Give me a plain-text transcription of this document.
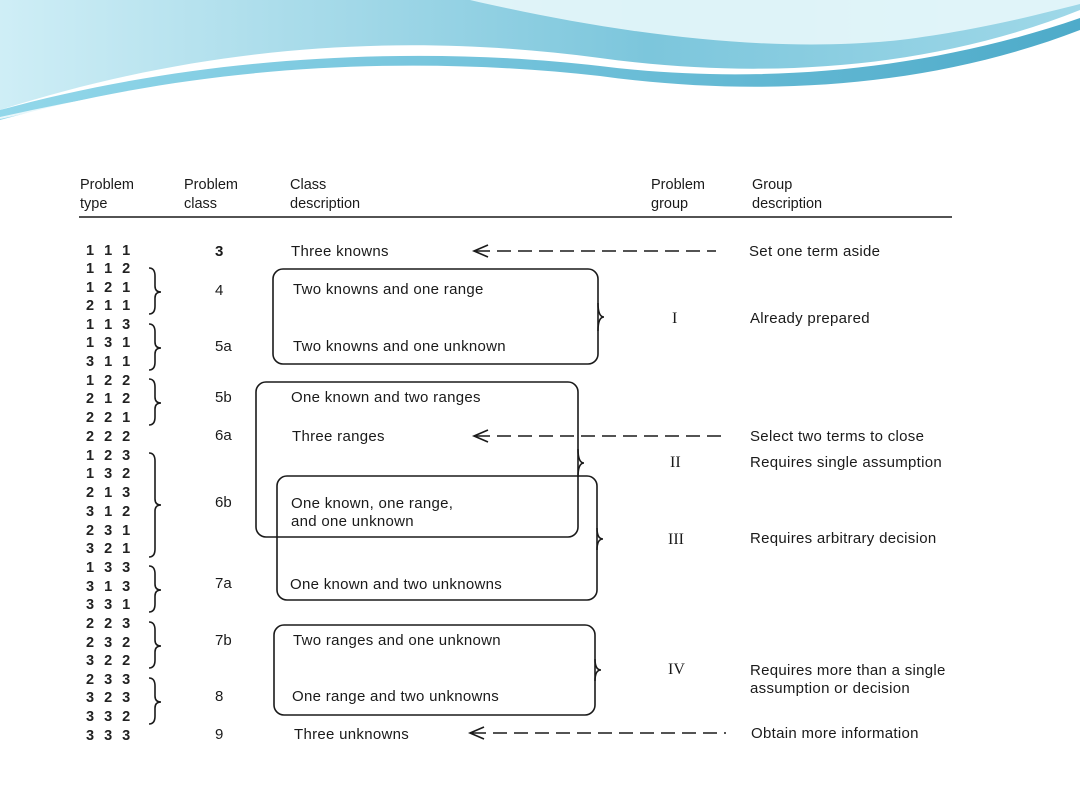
Problem
type
Problem
class
Class
description
Problem
group
Group
description
1 1 1
1 1 2
1 2 1
2 1 1
1 1 3
1 3 1
3 1 1
1 2 2
2 1 2
2 2 1
2 2 2
1 2 3
1 3 2
2 1 3
3 1 2
2 3 1
3 2 1
1 3 3
3 1 3
3 3 1
2 2 3
2 3 2
3 2 2
2 3 3
3 2 3
3 3 2
3 3 3
3
4
5a
5b
6a
6b
7a
7b
8
9
Three knowns
Two knowns and one range
Two knowns and one unknown
One known and two ranges
Three ranges
One known, one range,
and one unknown
One known and two unknowns
Two ranges and one unknown
One range and two unknowns
Three unknowns
I
II
III
IV
Set one term aside
Already prepared
Select two terms to close
Requires single assumption
Requires arbitrary decision
Requires more than a single
assumption or decision
Obtain more information
